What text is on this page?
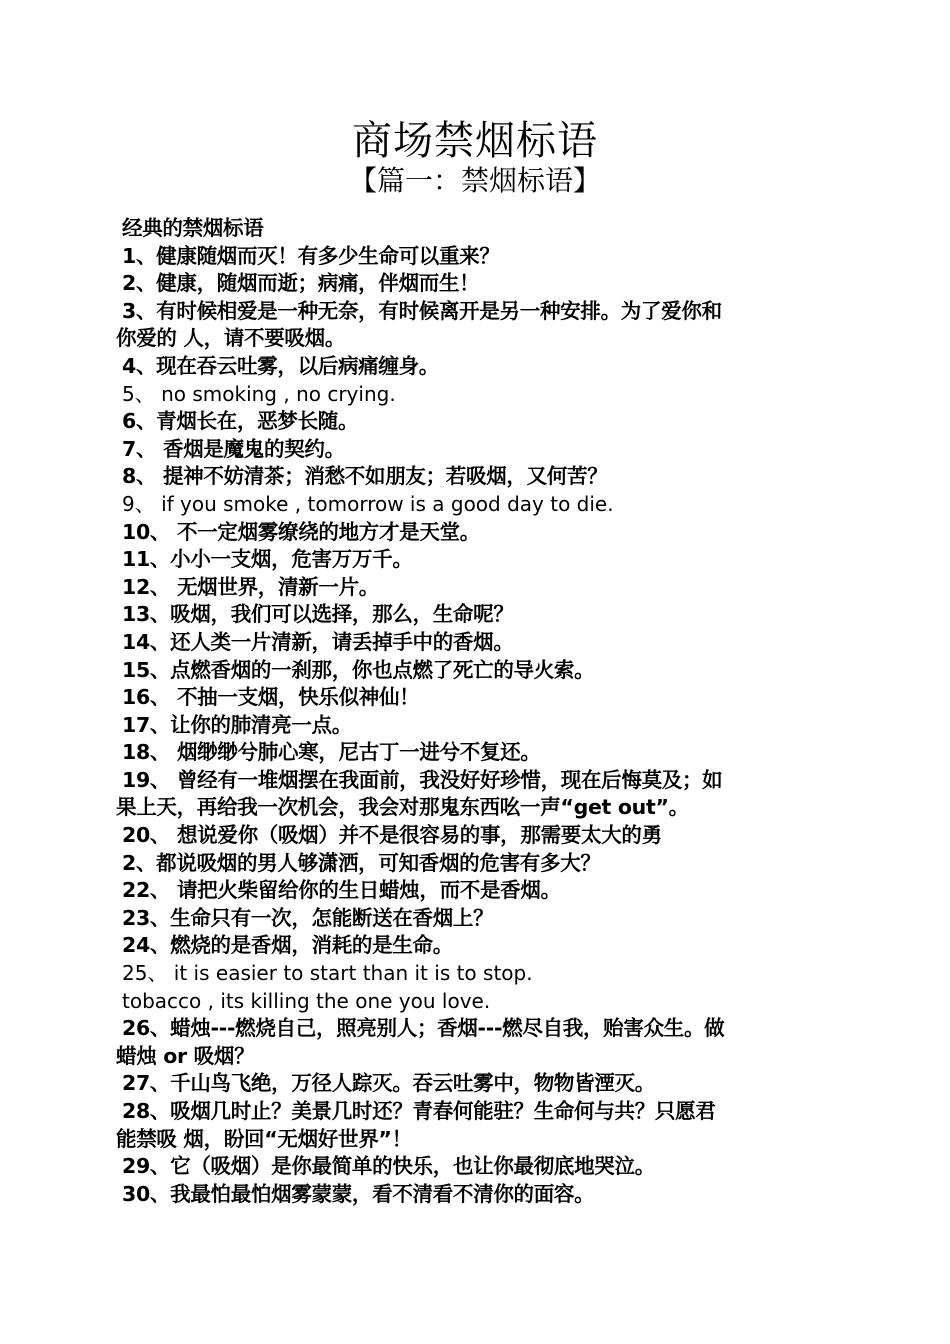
商场禁烟标语
【篇一：禁烟标语】
经典的禁烟标语
1、健康随烟而灭！有多少生命可以重来？
2、健康，随烟而逝；病痛，伴烟而生！
3、有时候相爱是一种无奈，有时候离开是另一种安排。为了爱你和
你爱的 人，请不要吸烟。
4、现在吞云吐雾，以后病痛缠身。
5、 no smoking , no crying.
6、青烟长在，恶梦长随。
7、 香烟是魔鬼的契约。
8、 提神不妨清茶；消愁不如朋友；若吸烟，又何苦？
9、 if you smoke , tomorrow is a good day to die.
10、 不一定烟雾缭绕的地方才是天堂。
11、小小一支烟，危害万万千。
12、 无烟世界，清新一片。
13、吸烟，我们可以选择，那么，生命呢？
14、还人类一片清新，请丢掉手中的香烟。
15、点燃香烟的一刹那，你也点燃了死亡的导火索。
16、 不抽一支烟，快乐似神仙！
17、让你的肺清亮一点。
18、 烟缈缈兮肺心寒，尼古丁一进兮不复还。
19、 曾经有一堆烟摆在我面前，我没好好珍惜，现在后悔莫及；如
果上天，再给我一次机会，我会对那鬼东西吆一声“get out”。
20、 想说爱你（吸烟）并不是很容易的事，那需要太大的勇
2、都说吸烟的男人够潇洒，可知香烟的危害有多大？
22、 请把火柴留给你的生日蜡烛，而不是香烟。
23、生命只有一次，怎能断送在香烟上？
24、燃烧的是香烟，消耗的是生命。
25、 it is easier to start than it is to stop.
tobacco , its killing the one you love.
26、蜡烛---燃烧自己，照亮别人；香烟---燃尽自我，贻害众生。做
蜡烛 or 吸烟？
27、千山鸟飞绝，万径人踪灭。吞云吐雾中，物物皆湮灭。
28、吸烟几时止？美景几时还？青春何能驻？生命何与共？只愿君
能禁吸 烟，盼回“无烟好世界”！
29、它（吸烟）是你最简单的快乐，也让你最彻底地哭泣。
30、我最怕最怕烟雾蒙蒙，看不清看不清你的面容。
